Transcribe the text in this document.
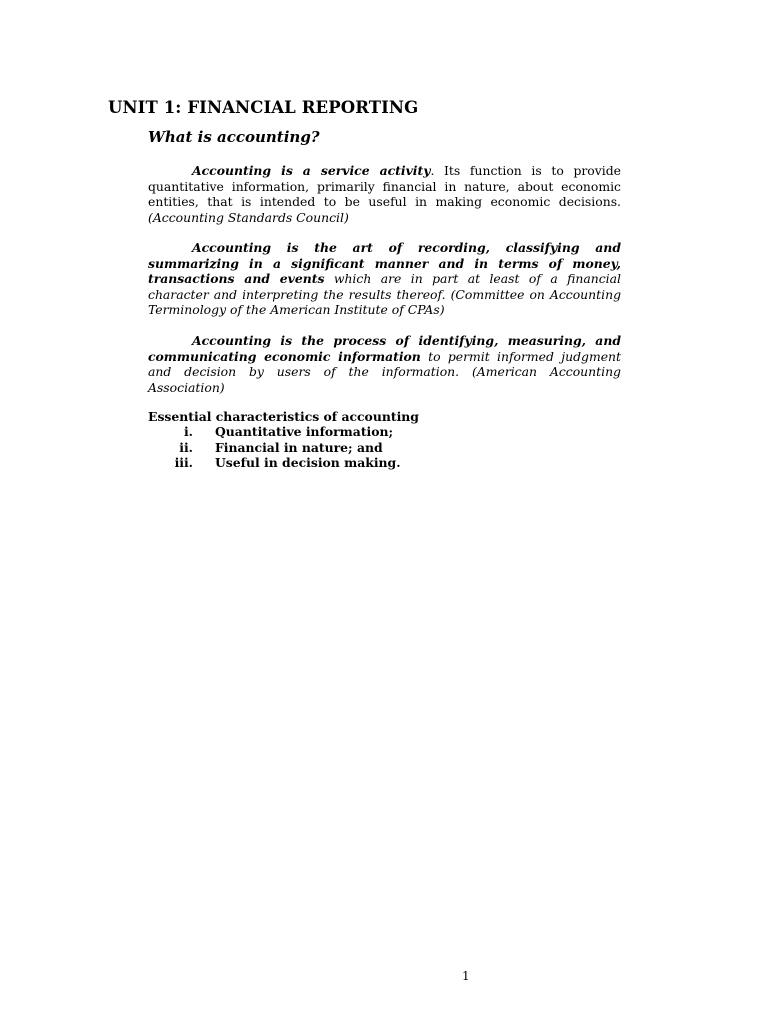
UNIT 1: FINANCIAL REPORTING
What is accounting?

Accounting is a service activity. Its function is to provide quantitative information, primarily financial in nature, about economic entities, that is intended to be useful in making economic decisions. (Accounting Standards Council)

Accounting is the art of recording, classifying and summarizing in a significant manner and in terms of money, transactions and events which are in part at least of a financial character and interpreting the results thereof. (Committee on Accounting Terminology of the American Institute of CPAs)

Accounting is the process of identifying, measuring, and communicating economic information to permit informed judgment and decision by users of the information. (American Accounting Association)

Essential characteristics of accounting
i. Quantitative information;
ii. Financial in nature; and
iii. Useful in decision making.
1
